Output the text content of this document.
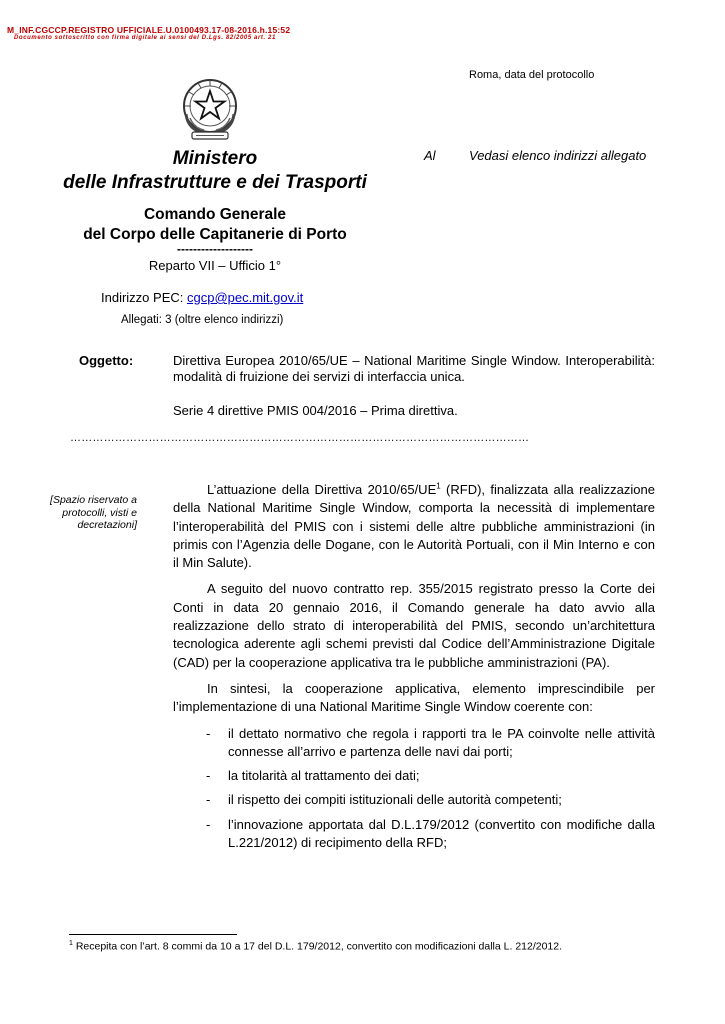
M_INF.CGCCP.REGISTRO UFFICIALE.U.0100493.17-08-2016.h.15:52
Documento sottoscritto con firma digitale ai sensi del D.Lgs. 82/2005 art. 21
Roma, data del protocollo
Ministero
delle Infrastrutture e dei Trasporti
Comando Generale
del Corpo delle Capitanerie di Porto
-------------------
Reparto VII – Ufficio 1°
Indirizzo PEC: cgcp@pec.mit.gov.it
Allegati: 3 (oltre elenco indirizzi)
Al	Vedasi elenco indirizzi allegato
Oggetto:	Direttiva Europea 2010/65/UE – National Maritime Single Window. Interoperabilità: modalità di fruizione dei servizi di interfaccia unica.
Serie 4 direttive PMIS 004/2016 – Prima direttiva.
……………………………………………………………………………………………………………
[Spazio riservato a protocolli, visti e decretazioni]

L’attuazione della Direttiva $2010/65/UE^1$ (RFD), finalizzata alla realizzazione della National Maritime Single Window, comporta la necessità di implementare l’interoperabilità del PMIS con i sistemi delle altre pubbliche amministrazioni (in primis con l’Agenzia delle Dogane, con le Autorità Portuali, con il Min Interno e con il Min Salute).

A seguito del nuovo contratto rep. 355/2015 registrato presso la Corte dei Conti in data 20 gennaio 2016, il Comando generale ha dato avvio alla realizzazione dello strato di interoperabilità del PMIS, secondo un’architettura tecnologica aderente agli schemi previsti dal Codice dell’Amministrazione Digitale (CAD) per la cooperazione applicativa tra le pubbliche amministrazioni (PA).

In sintesi, la cooperazione applicativa, elemento imprescindibile per l’implementazione di una National Maritime Single Window coerente con:

- il dettato normativo che regola i rapporti tra le PA coinvolte nelle attività connesse all’arrivo e partenza delle navi dai porti;
- la titolarità al trattamento dei dati;
- il rispetto dei compiti istituzionali delle autorità competenti;
- l’innovazione apportata dal D.L.179/2012 (convertito con modifiche dalla L.221/2012) di recipimento della RFD;
$^1$ Recepita con l’art. 8 commi da 10 a 17 del D.L. 179/2012, convertito con modificazioni dalla L. 212/2012.
